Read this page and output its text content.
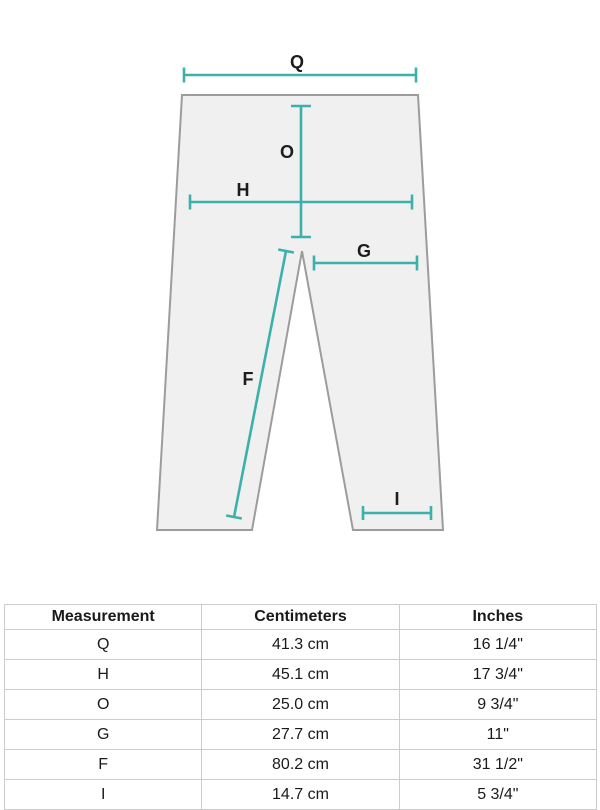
Q
O
H
G
F
I
Measurement	Centimeters	Inches
Q	41.3 cm	16 1/4"
H	45.1 cm	17 3/4"
O	25.0 cm	9 3/4"
G	27.7 cm	11"
F	80.2 cm	31 1/2"
I	14.7 cm	5 3/4"
